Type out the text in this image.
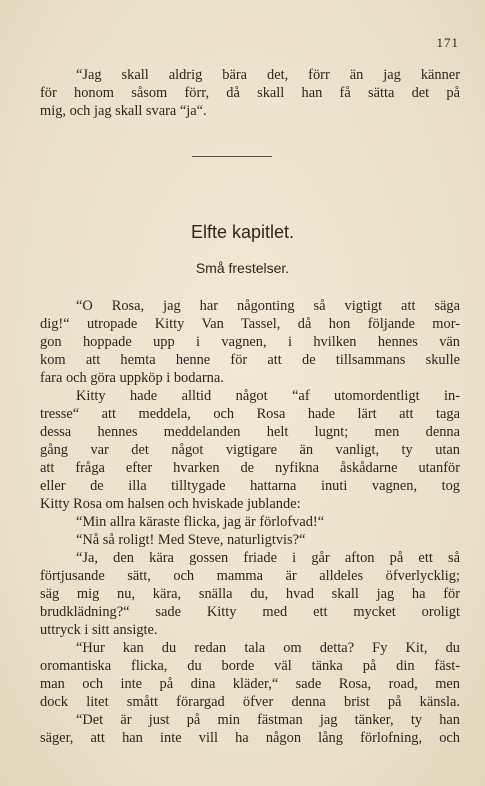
171
“Jag skall aldrig bära det, förr än jag känner
för honom såsom förr, då skall han få sätta det på
mig, och jag skall svara “ja“.
Elfte kapitlet.
Små frestelser.
“O Rosa, jag har någonting så vigtigt att säga
dig!“ utropade Kitty Van Tassel, då hon följande mor-
gon hoppade upp i vagnen, i hvilken hennes vän
kom att hemta henne för att de tillsammans skulle
fara och göra uppköp i bodarna.
Kitty hade alltid något “af utomordentligt in-
tresse“ att meddela, och Rosa hade lärt att taga
dessa hennes meddelanden helt lugnt; men denna
gång var det något vigtigare än vanligt, ty utan
att fråga efter hvarken de nyfikna åskådarne utanför
eller de illa tilltygade hattarna inuti vagnen, tog
Kitty Rosa om halsen och hviskade jublande:
“Min allra käraste flicka, jag är förlofvad!“
“Nå så roligt! Med Steve, naturligtvis?“
“Ja, den kära gossen friade i går afton på ett så
förtjusande sätt, och mamma är alldeles öfverlycklig;
säg mig nu, kära, snälla du, hvad skall jag ha för
brudklädning?“ sade Kitty med ett mycket oroligt
uttryck i sitt ansigte.
“Hur kan du redan tala om detta? Fy Kit, du
oromantiska flicka, du borde väl tänka på din fäst-
man och inte på dina kläder,“ sade Rosa, road, men
dock litet smått förargad öfver denna brist på känsla.
“Det är just på min fästman jag tänker, ty han
säger, att han inte vill ha någon lång förlofning, och
